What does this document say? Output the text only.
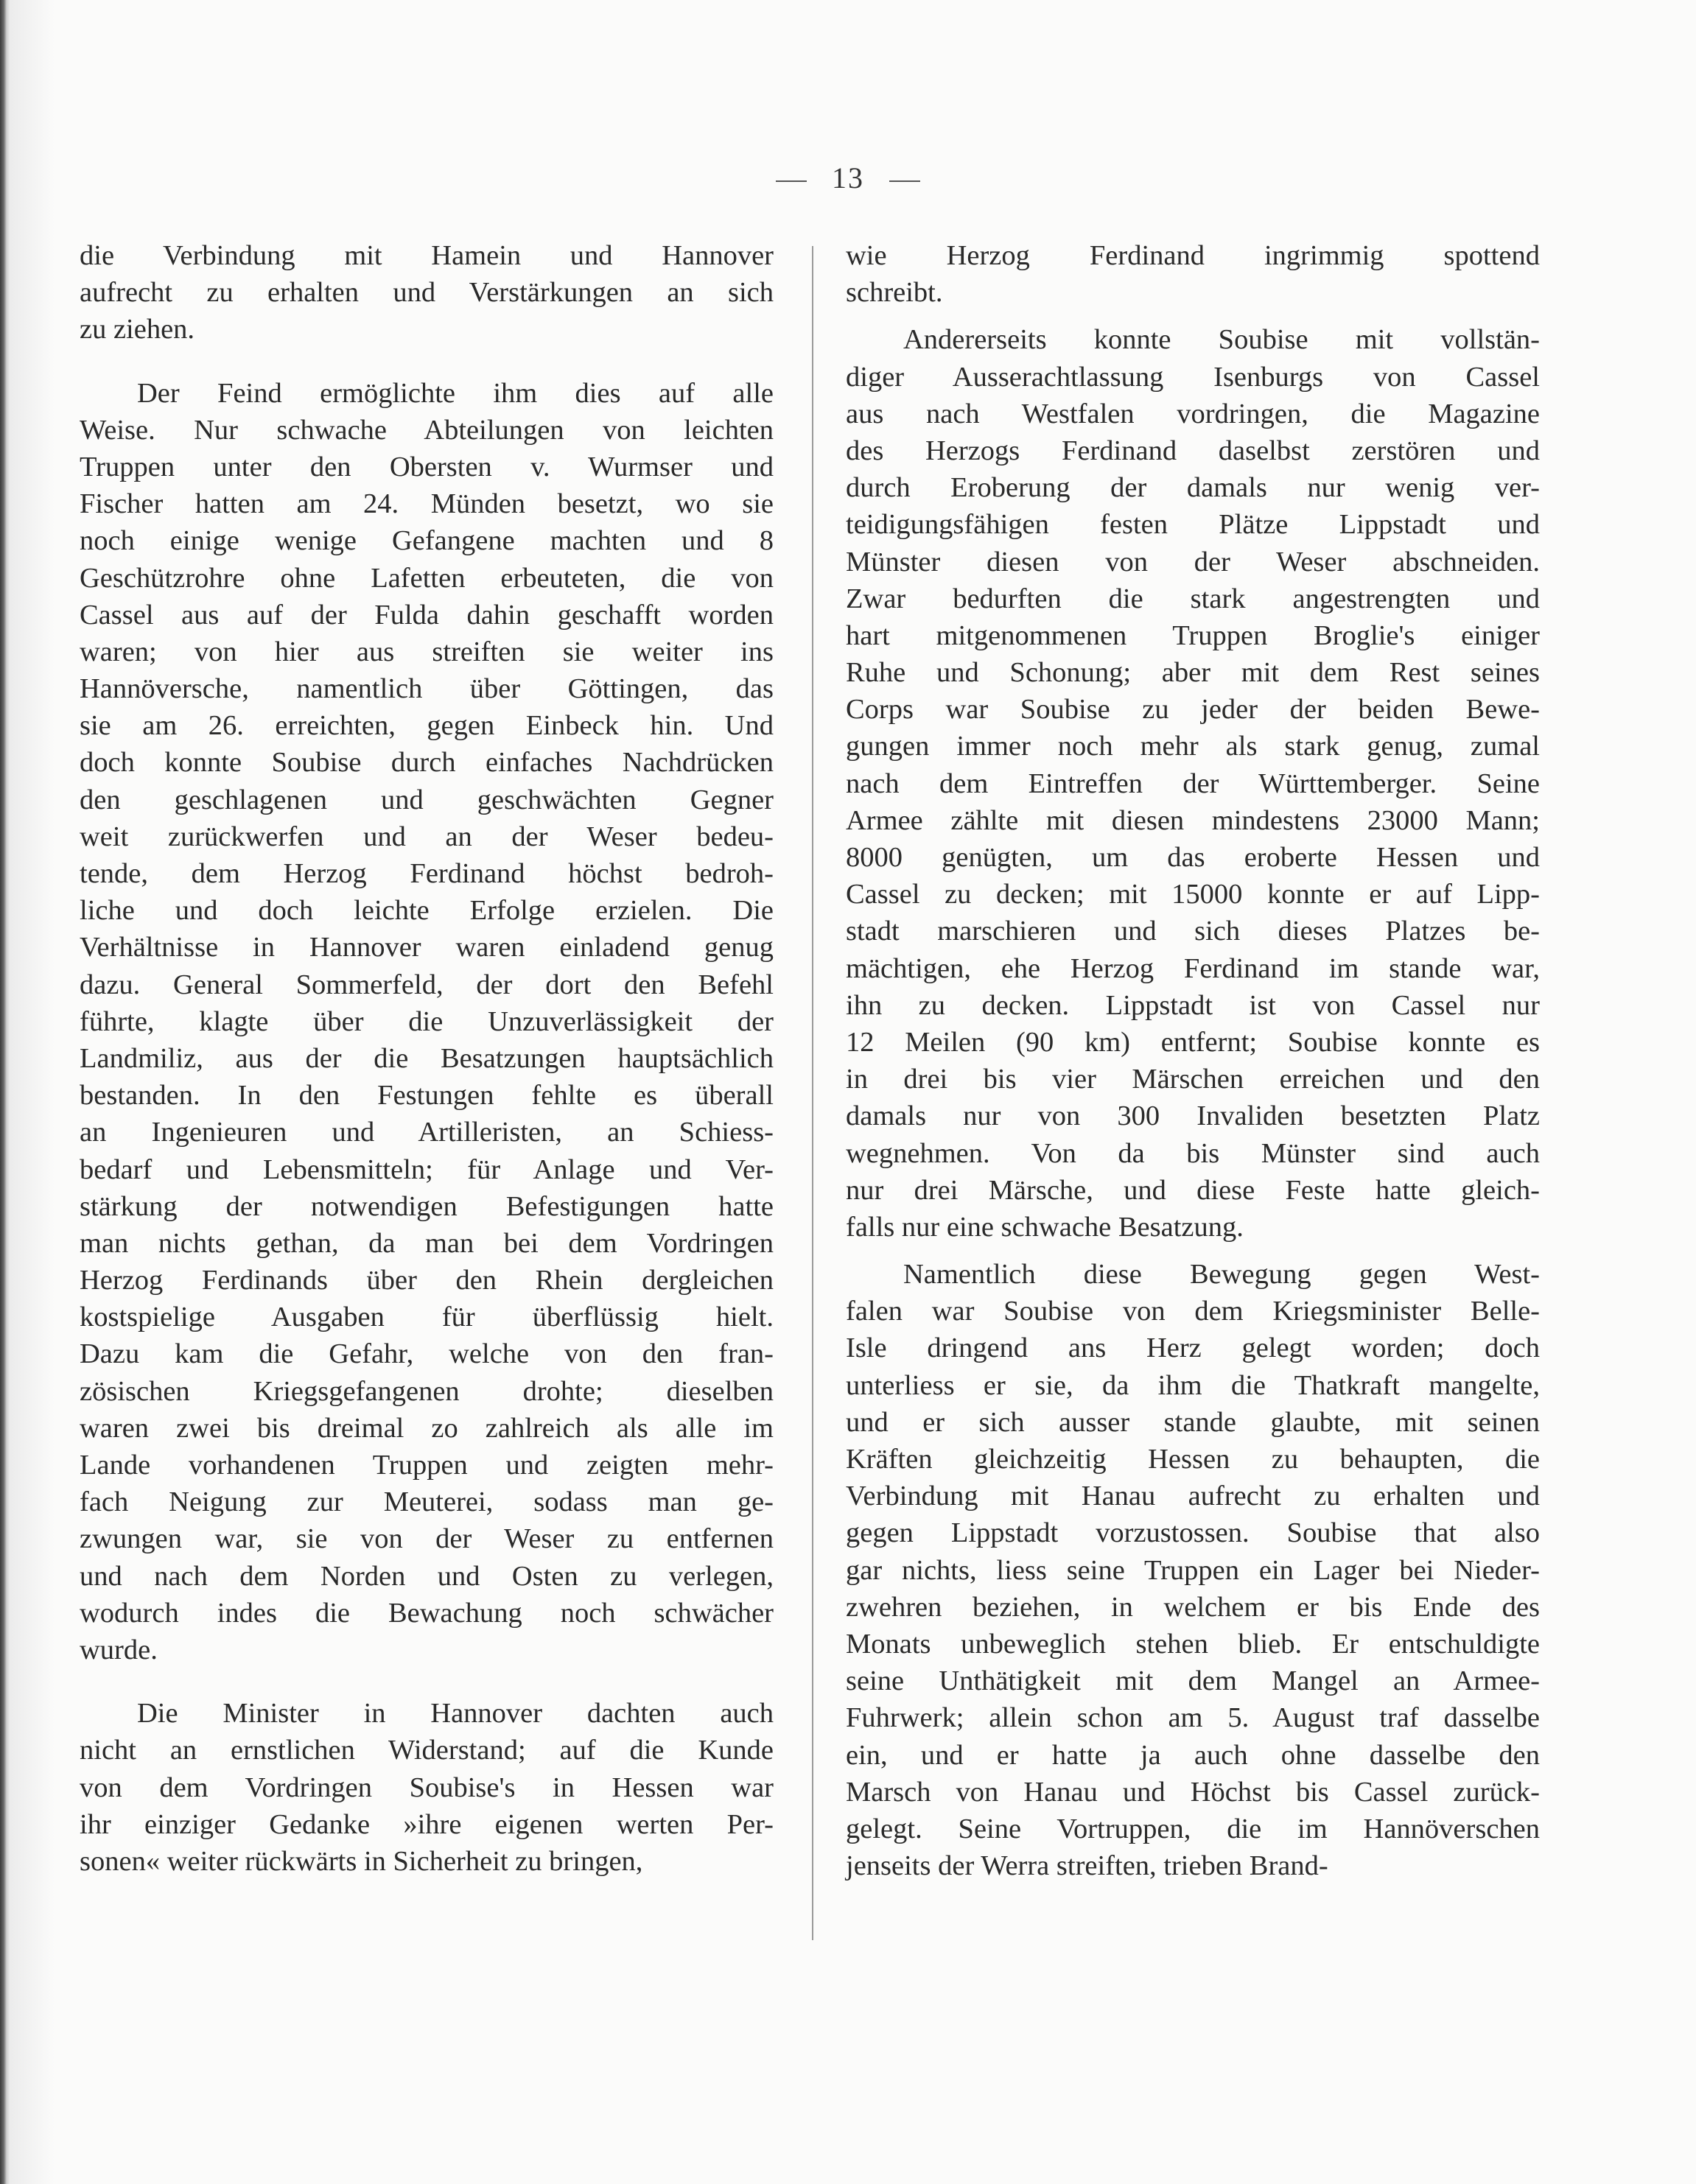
13
die Verbindung mit Hamein und Hannover
aufrecht zu erhalten und Verstärkungen an sich
zu ziehen.
Der Feind ermöglichte ihm dies auf alle
Weise. Nur schwache Abteilungen von leichten
Truppen unter den Obersten v. Wurmser und
Fischer hatten am 24. Münden besetzt, wo sie
noch einige wenige Gefangene machten und 8
Geschützrohre ohne Lafetten erbeuteten, die von
Cassel aus auf der Fulda dahin geschafft worden
waren; von hier aus streiften sie weiter ins
Hannöversche, namentlich über Göttingen, das
sie am 26. erreichten, gegen Einbeck hin. Und
doch konnte Soubise durch einfaches Nachdrücken
den geschlagenen und geschwächten Gegner
weit zurückwerfen und an der Weser bedeu-
tende, dem Herzog Ferdinand höchst bedroh-
liche und doch leichte Erfolge erzielen. Die
Verhältnisse in Hannover waren einladend genug
dazu. General Sommerfeld, der dort den Befehl
führte, klagte über die Unzuverlässigkeit der
Landmiliz, aus der die Besatzungen hauptsächlich
bestanden. In den Festungen fehlte es überall
an Ingenieuren und Artilleristen, an Schiess-
bedarf und Lebensmitteln; für Anlage und Ver-
stärkung der notwendigen Befestigungen hatte
man nichts gethan, da man bei dem Vordringen
Herzog Ferdinands über den Rhein dergleichen
kostspielige Ausgaben für überflüssig hielt.
Dazu kam die Gefahr, welche von den fran-
zösischen Kriegsgefangenen drohte; dieselben
waren zwei bis dreimal zo zahlreich als alle im
Lande vorhandenen Truppen und zeigten mehr-
fach Neigung zur Meuterei, sodass man ge-
zwungen war, sie von der Weser zu entfernen
und nach dem Norden und Osten zu verlegen,
wodurch indes die Bewachung noch schwächer
wurde.
Die Minister in Hannover dachten auch
nicht an ernstlichen Widerstand; auf die Kunde
von dem Vordringen Soubise's in Hessen war
ihr einziger Gedanke »ihre eigenen werten Per-
sonen« weiter rückwärts in Sicherheit zu bringen,
wie Herzog Ferdinand ingrimmig spottend
schreibt.
Andererseits konnte Soubise mit vollstän-
diger Ausserachtlassung Isenburgs von Cassel
aus nach Westfalen vordringen, die Magazine
des Herzogs Ferdinand daselbst zerstören und
durch Eroberung der damals nur wenig ver-
teidigungsfähigen festen Plätze Lippstadt und
Münster diesen von der Weser abschneiden.
Zwar bedurften die stark angestrengten und
hart mitgenommenen Truppen Broglie's einiger
Ruhe und Schonung; aber mit dem Rest seines
Corps war Soubise zu jeder der beiden Bewe-
gungen immer noch mehr als stark genug, zumal
nach dem Eintreffen der Württemberger. Seine
Armee zählte mit diesen mindestens 23000 Mann;
8000 genügten, um das eroberte Hessen und
Cassel zu decken; mit 15000 konnte er auf Lipp-
stadt marschieren und sich dieses Platzes be-
mächtigen, ehe Herzog Ferdinand im stande war,
ihn zu decken. Lippstadt ist von Cassel nur
12 Meilen (90 km) entfernt; Soubise konnte es
in drei bis vier Märschen erreichen und den
damals nur von 300 Invaliden besetzten Platz
wegnehmen. Von da bis Münster sind auch
nur drei Märsche, und diese Feste hatte gleich-
falls nur eine schwache Besatzung.
Namentlich diese Bewegung gegen West-
falen war Soubise von dem Kriegsminister Belle-
Isle dringend ans Herz gelegt worden; doch
unterliess er sie, da ihm die Thatkraft mangelte,
und er sich ausser stande glaubte, mit seinen
Kräften gleichzeitig Hessen zu behaupten, die
Verbindung mit Hanau aufrecht zu erhalten und
gegen Lippstadt vorzustossen. Soubise that also
gar nichts, liess seine Truppen ein Lager bei Nieder-
zwehren beziehen, in welchem er bis Ende des
Monats unbeweglich stehen blieb. Er entschuldigte
seine Unthätigkeit mit dem Mangel an Armee-
Fuhrwerk; allein schon am 5. August traf dasselbe
ein, und er hatte ja auch ohne dasselbe den
Marsch von Hanau und Höchst bis Cassel zurück-
gelegt. Seine Vortruppen, die im Hannöverschen
jenseits der Werra streiften, trieben Brand-
